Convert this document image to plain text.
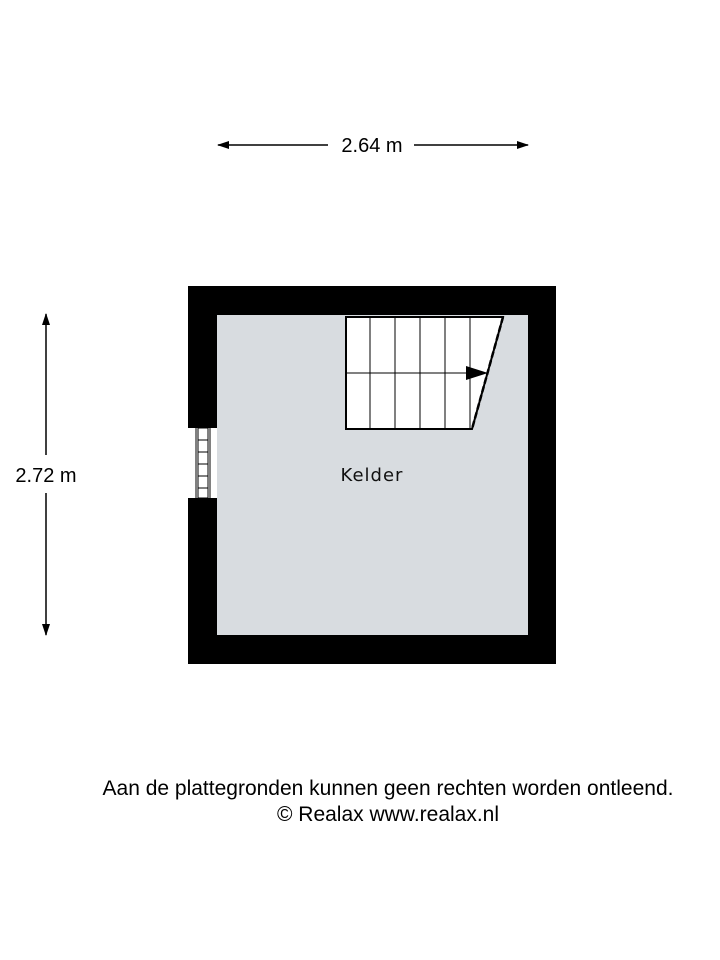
2.64 m
2.72 m	Kelder
Aan de plattegronden kunnen geen rechten worden ontleend.
© Realax www.realax.nl
